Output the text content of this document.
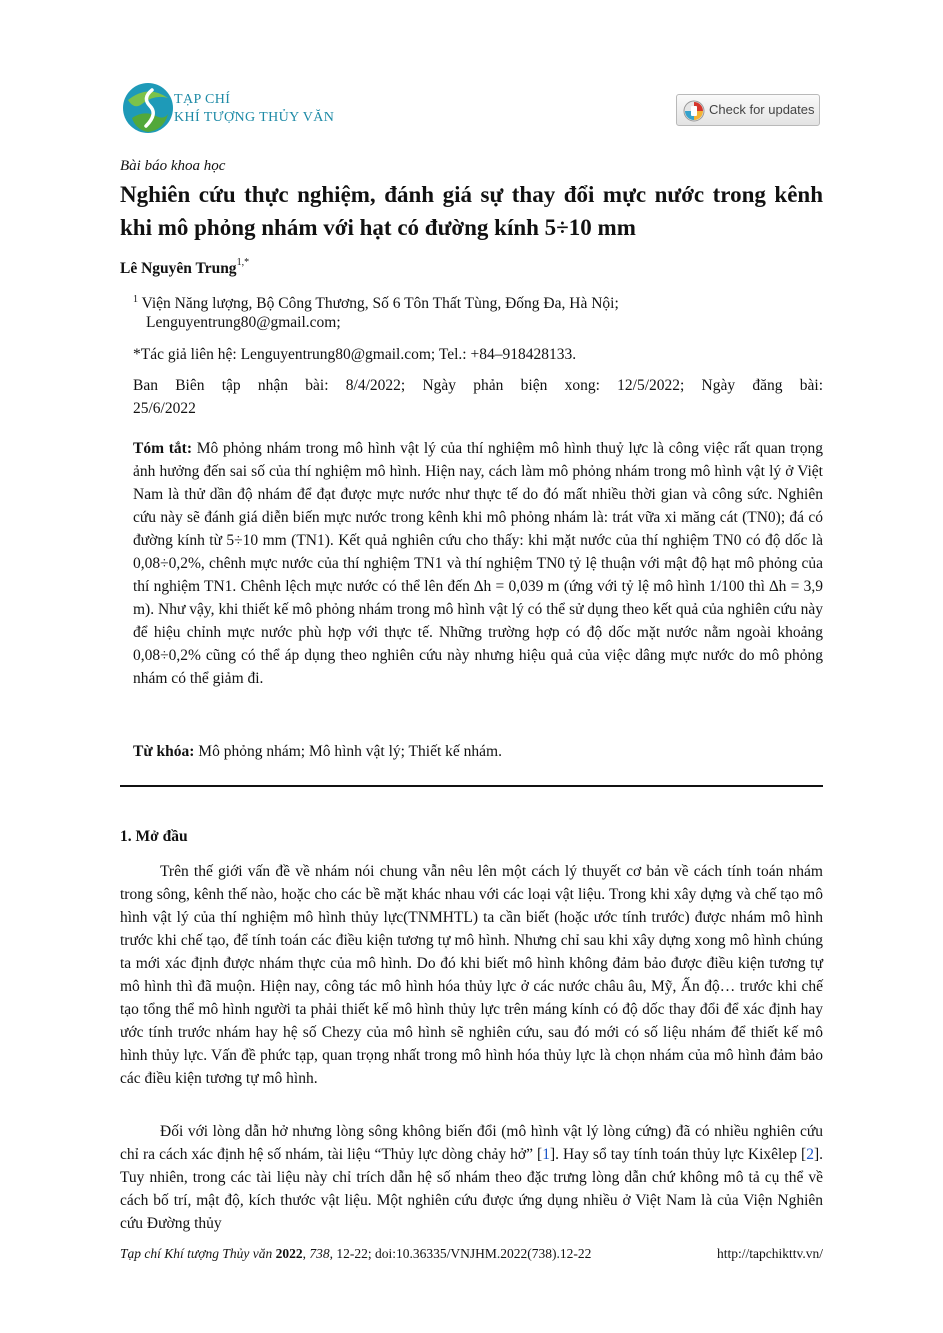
TẠP CHÍ
KHÍ TƯỢNG THỦY VĂN
Check for updates
Bài báo khoa học
Nghiên cứu thực nghiệm, đánh giá sự thay đổi mực nước trong kênh khi mô phỏng nhám với hạt có đường kính 5÷10 mm
Lê Nguyên Trung$^{1,*}$
$^1$ Viện Năng lượng, Bộ Công Thương, Số 6 Tôn Thất Tùng, Đống Đa, Hà Nội;
Lenguyentrung80@gmail.com;
*Tác giả liên hệ: Lenguyentrung80@gmail.com; Tel.: +84–918428133.
Ban Biên tập nhận bài: 8/4/2022; Ngày phản biện xong: 12/5/2022; Ngày đăng bài:
25/6/2022
Tóm tắt: Mô phỏng nhám trong mô hình vật lý của thí nghiệm mô hình thuỷ lực là công việc rất quan trọng ảnh hưởng đến sai số của thí nghiệm mô hình. Hiện nay, cách làm mô phỏng nhám trong mô hình vật lý ở Việt Nam là thử dần độ nhám để đạt được mực nước như thực tế do đó mất nhiều thời gian và công sức. Nghiên cứu này sẽ đánh giá diễn biến mực nước trong kênh khi mô phỏng nhám là: trát vữa xi măng cát (TN0); đá có đường kính từ 5÷10 mm (TN1). Kết quả nghiên cứu cho thấy: khi mặt nước của thí nghiệm TN0 có độ dốc là 0,08÷0,2%, chênh mực nước của thí nghiệm TN1 và thí nghiệm TN0 tỷ lệ thuận với mật độ hạt mô phỏng của thí nghiệm TN1. Chênh lệch mực nước có thể lên đến ∆h = 0,039 m (ứng với tỷ lệ mô hình 1/100 thì ∆h = 3,9 m). Như vậy, khi thiết kế mô phỏng nhám trong mô hình vật lý có thể sử dụng theo kết quả của nghiên cứu này để hiệu chỉnh mực nước phù hợp với thực tế. Những trường hợp có độ dốc mặt nước nằm ngoài khoảng 0,08÷0,2% cũng có thể áp dụng theo nghiên cứu này nhưng hiệu quả của việc dâng mực nước do mô phỏng nhám có thể giảm đi.
Từ khóa: Mô phỏng nhám; Mô hình vật lý; Thiết kế nhám.
1. Mở đầu
Trên thế giới vấn đề về nhám nói chung vẫn nêu lên một cách lý thuyết cơ bản về cách tính toán nhám trong sông, kênh thế nào, hoặc cho các bề mặt khác nhau với các loại vật liệu. Trong khi xây dựng và chế tạo mô hình vật lý của thí nghiệm mô hình thủy lực(TNMHTL) ta cần biết (hoặc ước tính trước) được nhám mô hình trước khi chế tạo, để tính toán các điều kiện tương tự mô hình. Nhưng chỉ sau khi xây dựng xong mô hình chúng ta mới xác định được nhám thực của mô hình. Do đó khi biết mô hình không đảm bảo được điều kiện tương tự mô hình thì đã muộn. Hiện nay, công tác mô hình hóa thủy lực ở các nước châu âu, Mỹ, Ấn độ… trước khi chế tạo tổng thể mô hình người ta phải thiết kế mô hình thủy lực trên máng kính có độ dốc thay đổi để xác định hay ước tính trước nhám hay hệ số Chezy của mô hình sẽ nghiên cứu, sau đó mới có số liệu nhám để thiết kế mô hình thủy lực. Vấn đề phức tạp, quan trọng nhất trong mô hình hóa thủy lực là chọn nhám của mô hình đảm bảo các điều kiện tương tự mô hình.
Đối với lòng dẫn hở nhưng lòng sông không biến đổi (mô hình vật lý lòng cứng) đã có nhiều nghiên cứu chỉ ra cách xác định hệ số nhám, tài liệu “Thủy lực dòng chảy hở” [1]. Hay sổ tay tính toán thủy lực Kixêlep [2]. Tuy nhiên, trong các tài liệu này chỉ trích dẫn hệ số nhám theo đặc trưng lòng dẫn chứ không mô tả cụ thể về cách bố trí, mật độ, kích thước vật liệu. Một nghiên cứu được ứng dụng nhiều ở Việt Nam là của Viện Nghiên cứu Đường thủy
Tạp chí Khí tượng Thủy văn 2022, 738, 12-22; doi:10.36335/VNJHM.2022(738).12-22	http://tapchikttv.vn/
